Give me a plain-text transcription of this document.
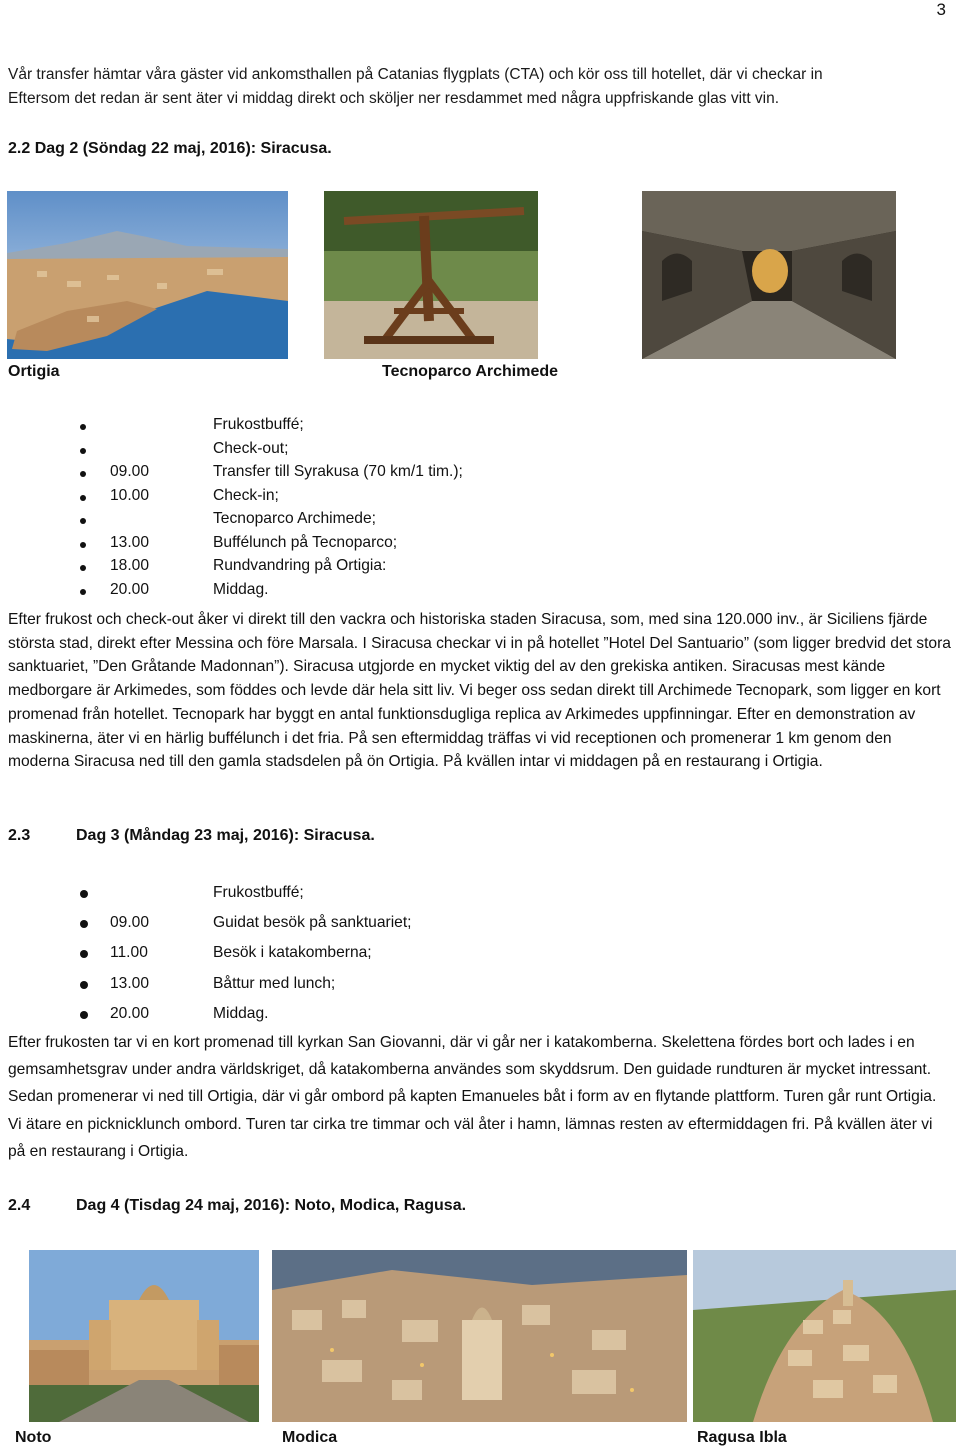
3
Vår transfer hämtar våra gäster vid ankomsthallen på Catanias flygplats (CTA) och kör oss till hotellet, där vi checkar in
Eftersom det redan är sent äter vi middag direkt och sköljer ner resdammet med några uppfriskande glas vitt vin.
2.2 Dag 2 (Söndag 22 maj, 2016): Siracusa.
Ortigia	Tecnoparco Archimede
Frukostbuffé;
Check-out;
09.00	Transfer till Syrakusa (70 km/1 tim.);
10.00	Check-in;
Tecnoparco Archimede;
13.00	Buffélunch på Tecnoparco;
18.00	Rundvandring på Ortigia:
20.00	Middag.
Efter frukost och check-out åker vi direkt till den vackra och historiska staden Siracusa, som, med sina 120.000 inv., är Siciliens fjärde största stad, direkt efter Messina och före Marsala. I Siracusa checkar vi in på hotellet ”Hotel Del Santuario” (som ligger bredvid det stora sanktuariet, ”Den Gråtande Madonnan”). Siracusa utgjorde en mycket viktig del av den grekiska antiken. Siracusas mest kände medborgare är Arkimedes, som föddes och levde där hela sitt liv. Vi beger oss sedan direkt till Archimede Tecnopark, som ligger en kort promenad från hotellet. Tecnopark har byggt en antal funktionsdugliga replica av Arkimedes uppfinningar. Efter en demonstration av maskinerna, äter vi en härlig buffélunch i det fria. På sen eftermiddag träffas vi vid receptionen och promenerar 1 km genom den moderna Siracusa ned till den gamla stadsdelen på ön Ortigia. På kvällen intar vi middagen på en restaurang i Ortigia.
2.3	Dag 3 (Måndag 23 maj, 2016): Siracusa.
Frukostbuffé;
09.00	Guidat besök på sanktuariet;
11.00	Besök i katakomberna;
13.00	Båttur med lunch;
20.00	Middag.
Efter frukosten tar vi en kort promenad till kyrkan San Giovanni, där vi går ner i katakomberna. Skelettena fördes bort och lades i en gemsamhetsgrav under andra världskriget, då katakomberna användes som skyddsrum. Den guidade rundturen är mycket intressant. Sedan promenerar vi ned till Ortigia, där vi går ombord på kapten Emanueles båt i form av en flytande plattform. Turen går runt Ortigia. Vi ätare en picknicklunch ombord. Turen tar cirka tre timmar och väl åter i hamn, lämnas resten av eftermiddagen fri. På kvällen äter vi på en restaurang i Ortigia.
2.4	Dag 4 (Tisdag 24 maj, 2016): Noto, Modica, Ragusa.
Noto	Modica	Ragusa Ibla
